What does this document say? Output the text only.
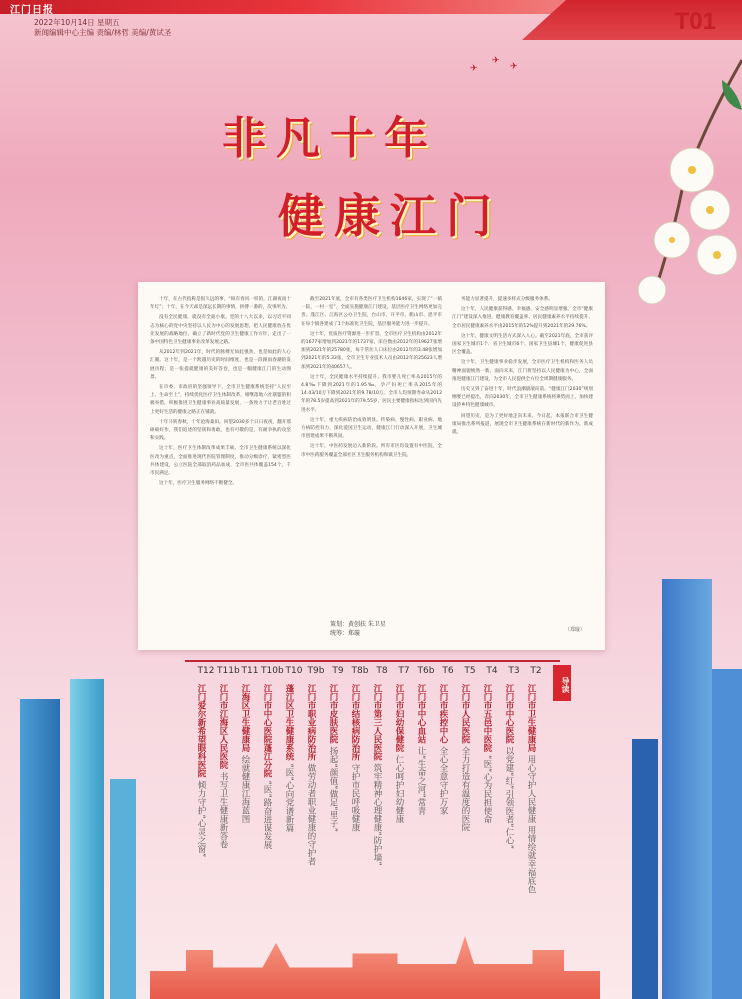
江门日报
2022年10月14日 星期五
新闻编辑中心主编 责编/林哲 美编/黄试圣	T01
✈
✈
✈
非凡十年
健康江门

十年，在古代指称是很久远的事，“纵有春风一样的，江湖夜雨十年灯”；十年，在今天却是深远长期的事情，拼搏一番的，次事所为。

没有全民健康，就没有全面小康。党的十八大以来，以习近平同志为核心的党中央坚持以人民为中心的发展思想，把人民健康放在优先发展的战略地位，确立了新时代党的卫生健康工作方针，走出了一条中国特色卫生健康事业改革发展之路。

从2012年到2021年，时代的脉搏无如此强劲，也是如此的人心汇聚。这十年，是一个跨越历史的时间维度，也是一段跟雨春潮的发展历程；是一张提就健康的美好答卷，也是一幅健康江门的生动图景。

在市委、市政府的坚强领导下，全市卫生健康系统坚持“人民至上、生命至上”，持续优化医疗卫生体制改革，相继落地六社联盟的积极举措，积极推进卫生健康事业高质量发展，一条致力于让老百姓过上更好生活的健康之路正在铺就。

十年斗转春秋，十年沧海桑田。回望2030多个日日夜夜，翻开那硕硕好作，我们追述的坚韧和勇敢，也有可敬的是，有耐争执的攻坚和实践。

这十年，医疗卫生体制改革成果丰硕。全市卫生健康系统以深化医改为重点，全面推进现代医院管理制度，推动分级诊疗、紧密型医共体建设，公立医院全部取消药品加成，全市医共体覆盖154个，千市民满足。

这十年，医疗卫生服务网络不断健全。

截至2021年底，全市有各类医疗卫生机构1646家，实现了“一镇一院、一村一室”，全面实施健康江门建设，基层医疗卫生网络更加完善。蓬江区、江海区公办卫生院，台山市、开平市、鹤山市、恩平市在每个镇各建成了1个标准化卫生院，基层服务能力进一步提升。

这十年，优质医疗资源进一步扩容。全市医疗卫生机构由2012年的1677家增加到2021年的1737家，床位数由2012年的19627张增加到2021年的25780张，每千常住人口床位由2012年的3.48张增加到2021年的5.33张，全市卫生专业技术人员由2012年的25623人增加到2021年的40657人。

这十年，全民健康水平持续提升。我市婴儿死亡率从2015年的4.8‰下降到2021年的1.95‰，孕产妇死亡率从2015年的14.43/10万下降到2021年的9.78/10万。全市人均预期寿命从2012年的78.5岁提高到2021年的79.55岁，居民主要健康指标达到国内先进水平。

这十年，重大疾病防治成效明显。传染病、慢性病、职业病、地方病防控有力，深化爱国卫生运动，健康江门行动深入开展，卫生城市创建成果不断巩固。

这十年，中医药发展迈入新阶段。所有市区均设置有中医院，全市中医药服务覆盖全部社区卫生服务机构和镇卫生院。

务能力显著提升，提速多样式分级服务体系。

这十年，人民健康获得感、幸福感、安全感明显增强。全市“健康江门”建设深入推进，健康教育覆盖率、居民健康素养水平持续提升，全市居民健康素养水平由2015年的12%提升到2021年的29.76%。

这十年，健康文明生活方式深入人心。截至2021年底，全市获评国家卫生城市1个、省卫生城市6个、国家卫生县城1个，健康促进县区全覆盖。

这十年，卫生健康事业稳步发展，全市医疗卫生机构和医务人员精神面貌焕然一新。面向未来，江门将坚持以人民健康为中心，全面推进健康江门建设，为全市人民提供全方位全周期健康服务。

历史又到了奋进十年，时代浪潮滚滚向前。“健康江门2030”规划纲要已经提出，奔向2030年，全市卫生健康系统将乘势而上，加快建设侨乡特色健康城市。

回望历史，是为了更好地走向未来。今日起，本报联合市卫生健康局推出系列报道，展现全市卫生健康系统在新时代的新作为、新成就。

（郑璇）
策划：黄创扶 朱卫星
统筹：郑璇
导读
T2
江门市卫生健康局 用心守护人民健康 用情绘就幸福底色
T3
江门市中心医院 以党建“红”引领医者“仁心”
T4
江门市五邑中医院 “医”心为民担使命
T5
江门市人民医院 全力打造有温度的医院
T6
江门市疾控中心 全心全意守护万家
T6b
江门市中心血站 让“生命之河”常青
T7
江门市妇幼保健院 仁心呵护妇幼健康
T8
江门市第三人民医院 筑牢精神心理健康“防护墙”
T8b
江门市结核病防治所 守护市民呼吸健康
T9
江门市皮肤医院 扬起“颜值”做足“里子”
T9b
江门市职业病防治所 做劳动者职业健康的守护者
T10
蓬江区卫生健康系统 “医”心向党谱新篇
T10b
江门市中心医院蓬江分院 “医”路奋进谋发展
T11
江海区卫生健康局 绘就健康江海蓝图
T11b
江门市江海区人民医院 书写卫生健康新答卷
T12
江门爱尔新希望眼科医院 倾力守护“心灵之窗”
